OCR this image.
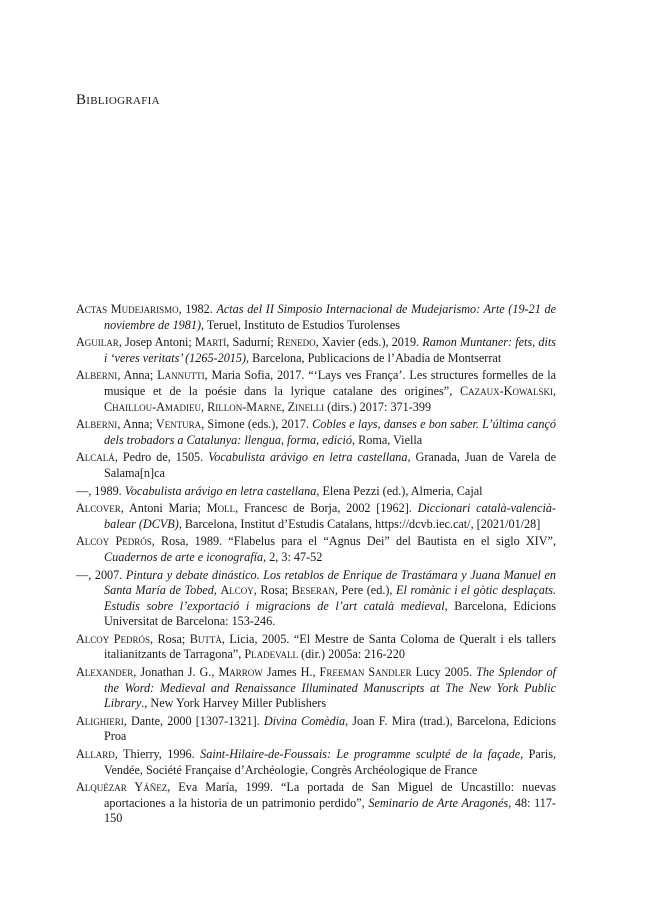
Bibliografia

Actas Mudejarismo, 1982. Actas del II Simposio Internacional de Mudejarismo: Arte (19-21 de noviembre de 1981), Teruel, Instituto de Estudios Turolenses

Aguilar, Josep Antoni; Martí, Sadurní; Renedo, Xavier (eds.), 2019. Ramon Muntaner: fets, dits i ‘veres veritats’ (1265-2015), Barcelona, Publicacions de l’Abadia de Montserrat

Alberni, Anna; Lannutti, Maria Sofia, 2017. “‘Lays ves França’. Les structures formelles de la musique et de la poésie dans la lyrique catalane des origines”, Cazaux-Kowalski, Chaillou-Amadieu, Rillon-Marne, Zinelli (dirs.) 2017: 371-399

Alberni, Anna; Ventura, Simone (eds.), 2017. Cobles e lays, danses e bon saber. L’última cançó dels trobadors a Catalunya: llengua, forma, edició, Roma, Viella

Alcalá, Pedro de, 1505. Vocabulista arávigo en letra castellana, Granada, Juan de Varela de Salama[n]ca

—, 1989. Vocabulista arávigo en letra castellana, Elena Pezzi (ed.), Almeria, Cajal

Alcover, Antoni Maria; Moll, Francesc de Borja, 2002 [1962]. Diccionari català-valencià-balear (DCVB), Barcelona, Institut d’Estudis Catalans, https://dcvb.iec.cat/, [2021/01/28]

Alcoy Pedrós, Rosa, 1989. “Flabelus para el “Agnus Dei” del Bautista en el siglo XIV”, Cuadernos de arte e iconografía, 2, 3: 47-52

—, 2007. Pintura y debate dinástico. Los retablos de Enrique de Trastámara y Juana Manuel en Santa María de Tobed, Alcoy, Rosa; Beseran, Pere (ed.), El romànic i el gòtic desplaçats. Estudis sobre l’exportació i migracions de l’art català medieval, Barcelona, Edicions Universitat de Barcelona: 153-246.

Alcoy Pedrós, Rosa; Buttà, Licia, 2005. “El Mestre de Santa Coloma de Queralt i els tallers italianitzants de Tarragona”, Pladevall (dir.) 2005a: 216-220

Alexander, Jonathan J. G., Marrow James H., Freeman Sandler Lucy 2005. The Splendor of the Word: Medieval and Renaissance Illuminated Manuscripts at The New York Public Library., New York Harvey Miller Publishers

Alighieri, Dante, 2000 [1307-1321]. Divina Comèdia, Joan F. Mira (trad.), Barcelona, Edicions Proa

Allard, Thierry, 1996. Saint-Hilaire-de-Foussais: Le programme sculpté de la façade, Paris, Vendée, Société Française d’Archéologie, Congrès Archéologique de France

Alquézar Yáñez, Eva María, 1999. “La portada de San Miguel de Uncastillo: nuevas aportaciones a la historia de un patrimonio perdido”, Seminario de Arte Aragonés, 48: 117-150
